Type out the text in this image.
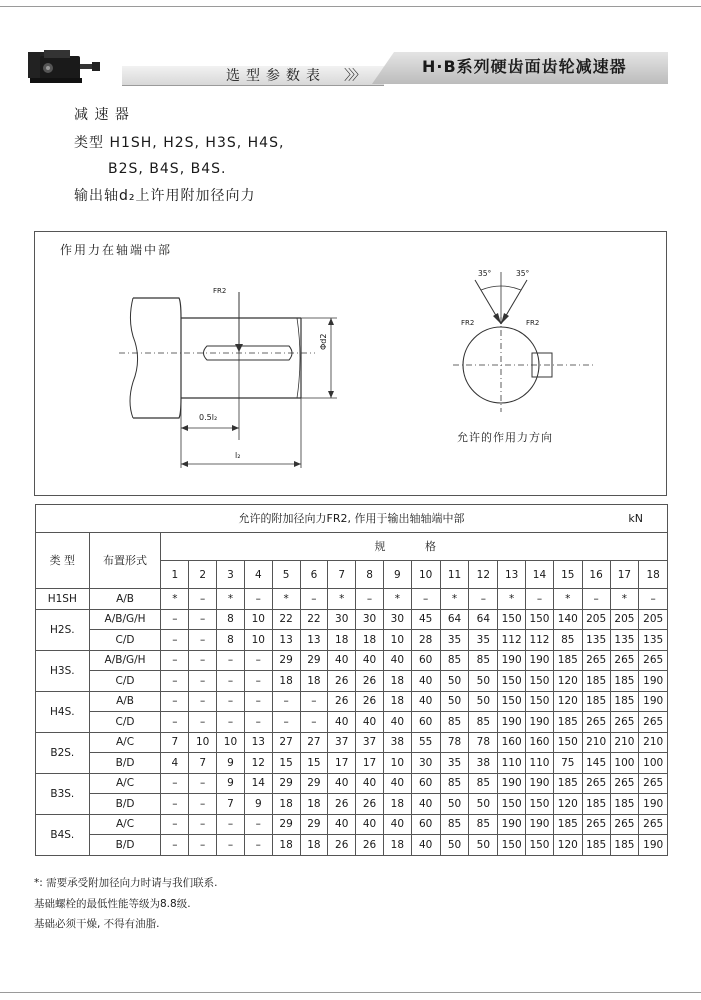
选型参数表 〉〉〉	H·B系列硬齿面齿轮减速器
减 速 器
类型 H1SH, H2S, H3S, H4S,
B2S, B4S, B4S.
输出轴d₂上许用附加径向力
作用力在轴端中部
FR2
0.5l₂
l₂
Φd2
35°	35°
FR2	FR2
允许的作用力方向
允许的附加径向力FR2, 作用于输出轴轴端中部 kN																			

类 型	布置形式	规 格																	
		1	2	3	4	5	6	7	8	9	10	11	12	13	14	15	16	17	18
H1SH	A/B	*	–	*	–	*	–	*	–	*	–	*	–	*	–	*	–	*	–
H2S.	A/B/G/H	–	–	8	10	22	22	30	30	30	45	64	64	150	150	140	205	205	205
	C/D	–	–	8	10	13	13	18	18	10	28	35	35	112	112	85	135	135	135
H3S.	A/B/G/H	–	–	–	–	29	29	40	40	40	60	85	85	190	190	185	265	265	265
	C/D	–	–	–	–	18	18	26	26	18	40	50	50	150	150	120	185	185	190
H4S.	A/B	–	–	–	–	–	–	26	26	18	40	50	50	150	150	120	185	185	190
	C/D	–	–	–	–	–	–	40	40	40	60	85	85	190	190	185	265	265	265
B2S.	A/C	7	10	10	13	27	27	37	37	38	55	78	78	160	160	150	210	210	210
	B/D	4	7	9	12	15	15	17	17	10	30	35	38	110	110	75	145	100	100
B3S.	A/C	–	–	9	14	29	29	40	40	40	60	85	85	190	190	185	265	265	265
	B/D	–	–	7	9	18	18	26	26	18	40	50	50	150	150	120	185	185	190
B4S.	A/C	–	–	–	–	29	29	40	40	40	60	85	85	190	190	185	265	265	265
	B/D	–	–	–	–	18	18	26	26	18	40	50	50	150	150	120	185	185	190
*: 需要承受附加径向力时请与我们联系.
基础螺栓的最低性能等级为8.8级.
基础必须干燥, 不得有油脂.
